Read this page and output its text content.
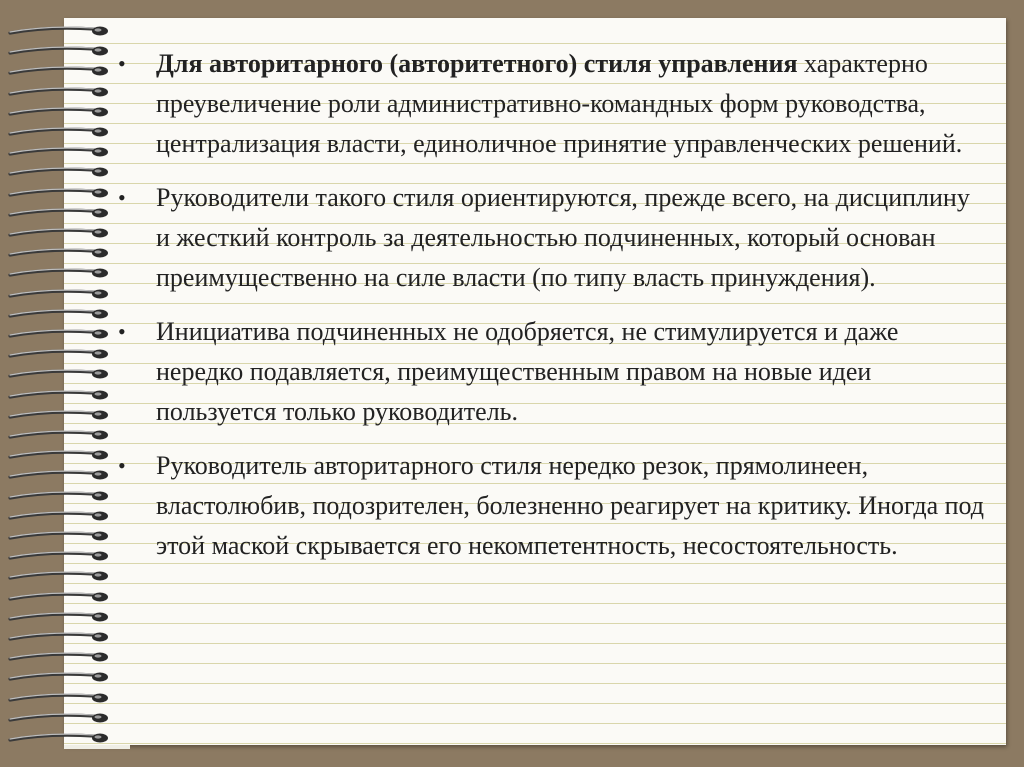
• Для авторитарного (авторитетного) стиля управления характерно преувеличение роли административно-командных форм руководства, централизация власти, единоличное принятие управленческих решений.
• Руководители такого стиля ориентируются, прежде всего, на дисциплину и жесткий контроль за деятельностью подчиненных, который основан преимущественно на силе власти (по типу власть принуждения).
• Инициатива подчиненных не одобряется, не стимулируется и даже нередко подавляется, преимущественным правом на новые идеи пользуется только руководитель.
• Руководитель авторитарного стиля нередко резок, прямолинеен, властолюбив, подозрителен, болезненно реагирует на критику. Иногда под этой маской скрывается его некомпетентность, несостоятельность.
